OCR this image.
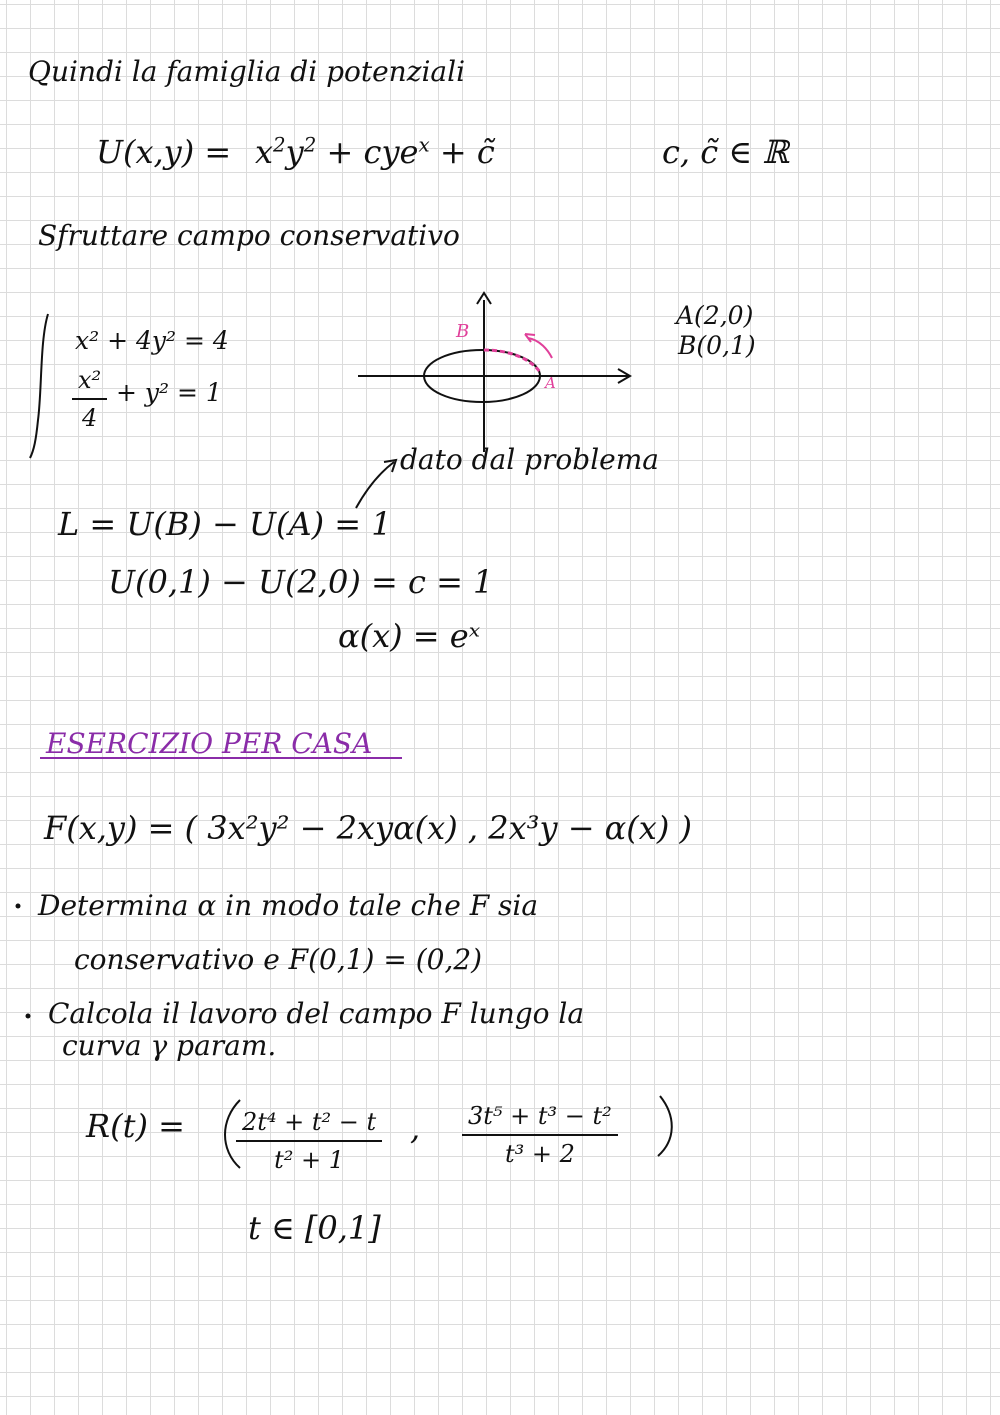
Quindi la famiglia di potenziali
$U(x,y) = x^2y^2 + cye^x$ + c̃	c, c̃ ∈ ℝ
Sfruttare campo conservativo
x² + 4y² = 4
$\frac{\text{x²}}{4} + y^2 = 1$
A(2,0)
B(0,1)
B
A
dato dal problema
L = U(B) − U(A) = 1
U(0,1) − U(2,0) = c = 1
α(x) = eˣ
ESERCIZIO PER CASA
F(x,y) = ( 3x²y² − 2xyα(x) , 2x³y − α(x) )
Determina α in modo tale che F sia
conservativo e F(0,1) = (0,2)
Calcola il lavoro del campo F lungo la
curva γ param.
$R(t) = \frac{\text{2t⁴ + t² − t}}{\text{t² + 1}}$ , $\frac{\text{3t⁵ + t³ − t²}}{\text{t³ + 2}}$
t ∈ [0,1]
